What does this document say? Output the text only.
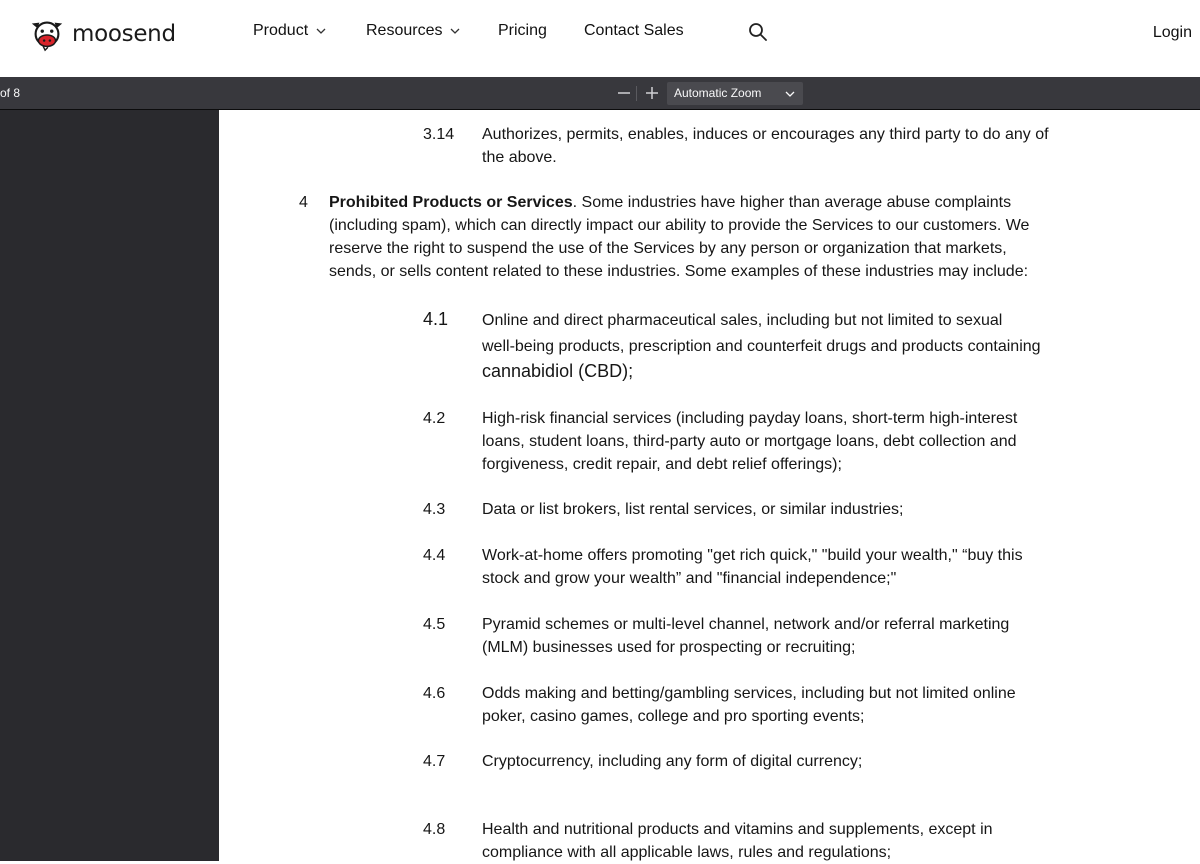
moosend	Product	Resources	Pricing Contact Sales	Login
of 8	Automatic Zoom
3.14 Authorizes, permits, enables, induces or encourages any third party to do any of
the above.
4 Prohibited Products or Services. Some industries have higher than average abuse complaints
(including spam), which can directly impact our ability to provide the Services to our customers. We
reserve the right to suspend the use of the Services by any person or organization that markets,
sends, or sells content related to these industries. Some examples of these industries may include:
4.1 Online and direct pharmaceutical sales, including but not limited to sexual
well-being products, prescription and counterfeit drugs and products containing
cannabidiol (CBD);
4.2 High-risk financial services (including payday loans, short-term high-interest
loans, student loans, third-party auto or mortgage loans, debt collection and
forgiveness, credit repair, and debt relief offerings);
4.3 Data or list brokers, list rental services, or similar industries;
4.4 Work-at-home offers promoting "get rich quick," "build your wealth," “buy this
stock and grow your wealth” and "financial independence;"
4.5 Pyramid schemes or multi-level channel, network and/or referral marketing
(MLM) businesses used for prospecting or recruiting;
4.6 Odds making and betting/gambling services, including but not limited online
poker, casino games, college and pro sporting events;
4.7 Cryptocurrency, including any form of digital currency;
4.8 Health and nutritional products and vitamins and supplements, except in
compliance with all applicable laws, rules and regulations;
